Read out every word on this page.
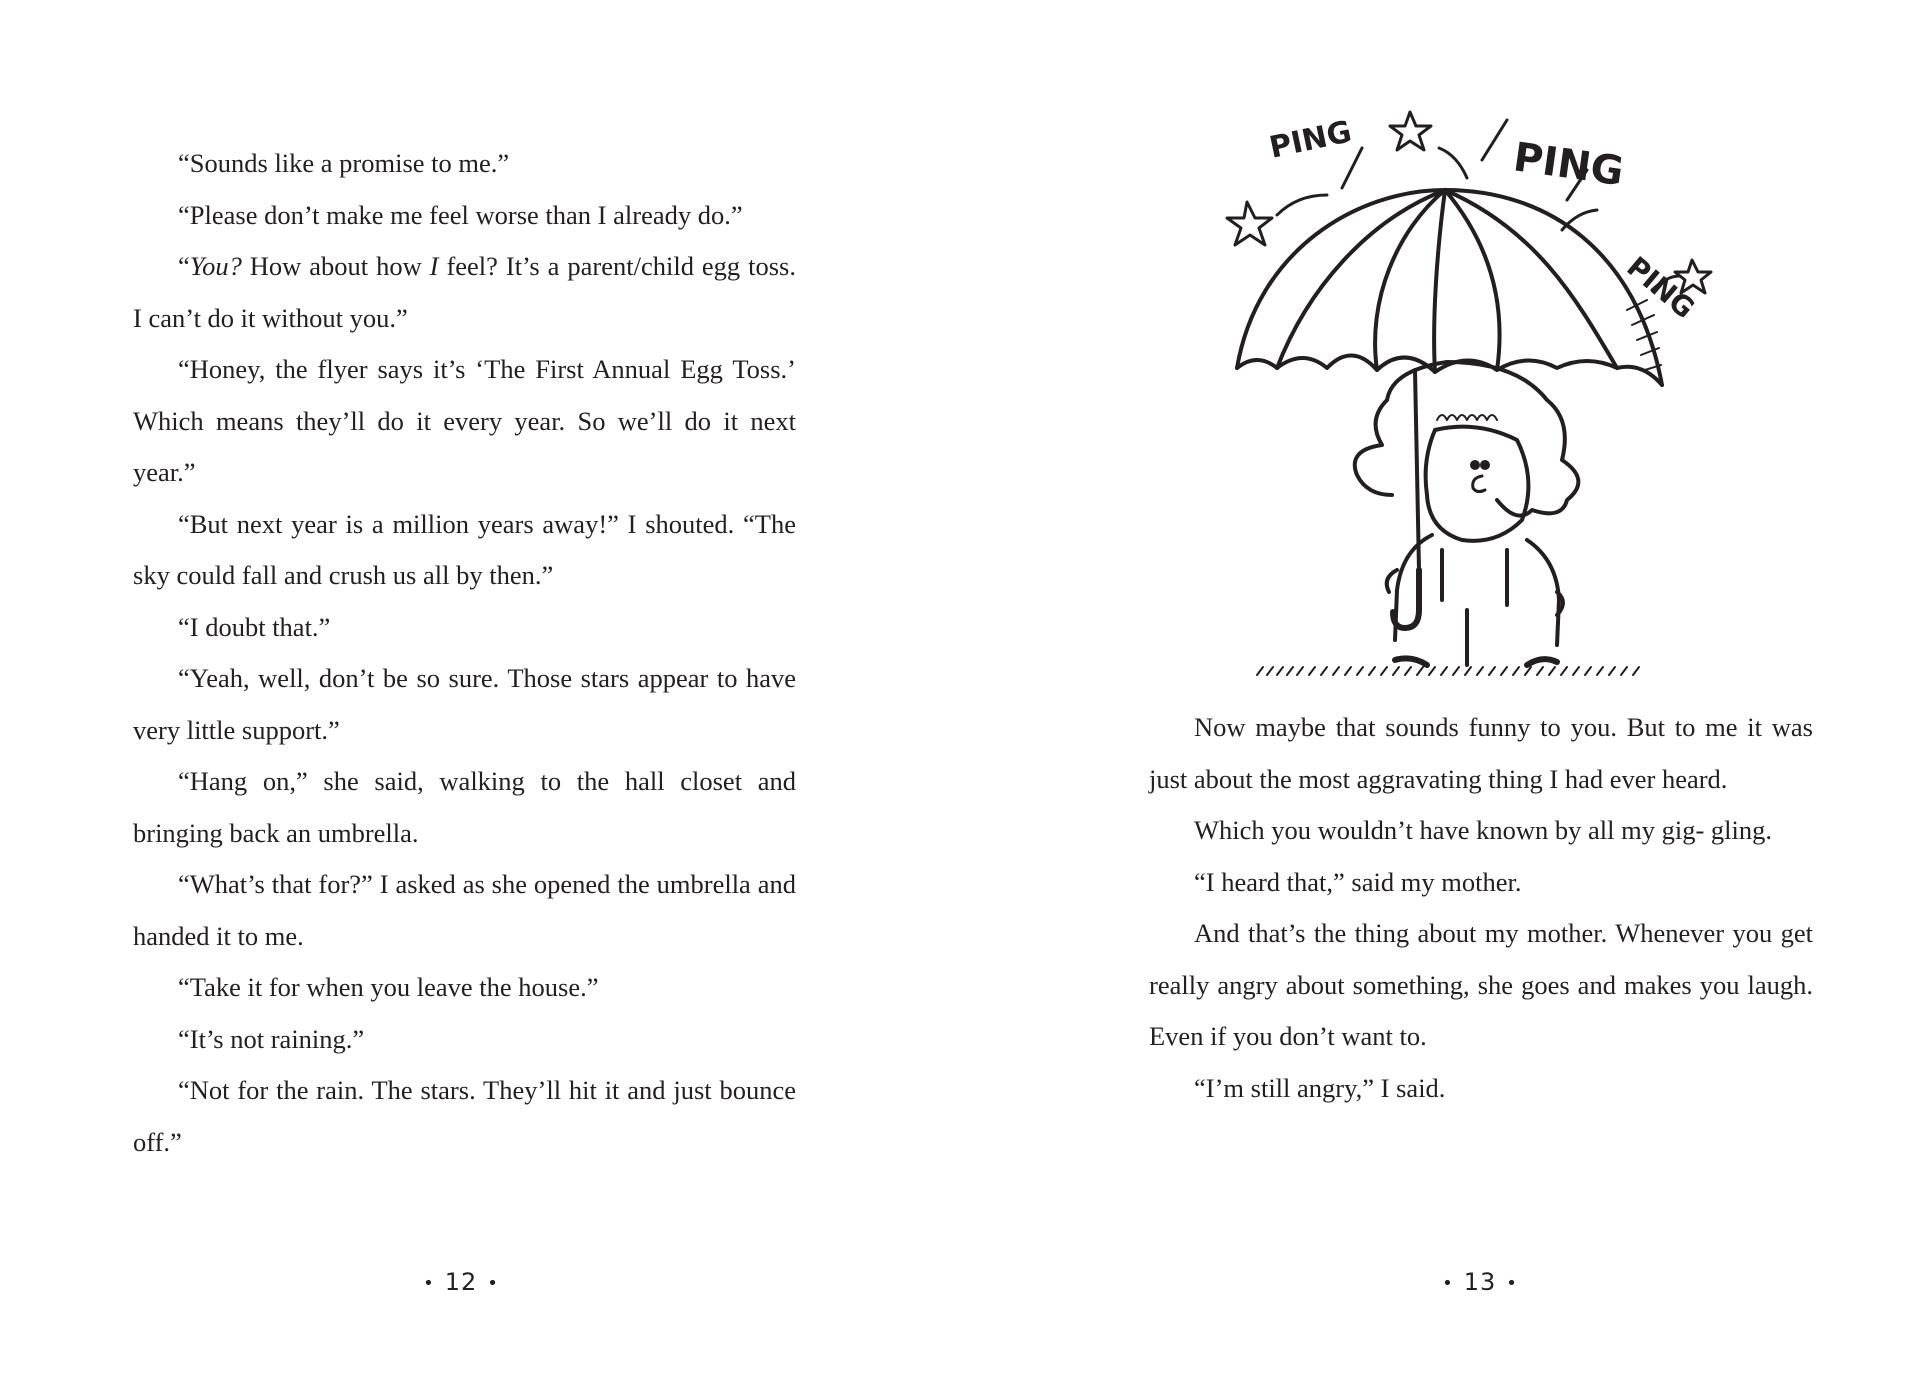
“Sounds like a promise to me.”

“Please don’t make me feel worse than I already do.”

“You? How about how I feel? It’s a parent/child egg toss. I can’t do it without you.”

“Honey, the flyer says it’s ‘The First Annual Egg Toss.’ Which means they’ll do it every year. So we’ll do it next year.”

“But next year is a million years away!” I shouted. “The sky could fall and crush us all by then.”

“I doubt that.”

“Yeah, well, don’t be so sure. Those stars appear to have very little support.”

“Hang on,” she said, walking to the hall closet and bringing back an umbrella.

“What’s that for?” I asked as she opened the umbrella and handed it to me.

“Take it for when you leave the house.”

“It’s not raining.”

“Not for the rain. The stars. They’ll hit it and just bounce off.”

• 12 •
PING	PING
PING

Now maybe that sounds funny to you. But to me it was just about the most aggravating thing I had ever heard.

Which you wouldn’t have known by all my gig- gling.

“I heard that,” said my mother.

And that’s the thing about my mother. Whenever you get really angry about something, she goes and makes you laugh. Even if you don’t want to.

“I’m still angry,” I said.

• 13 •
